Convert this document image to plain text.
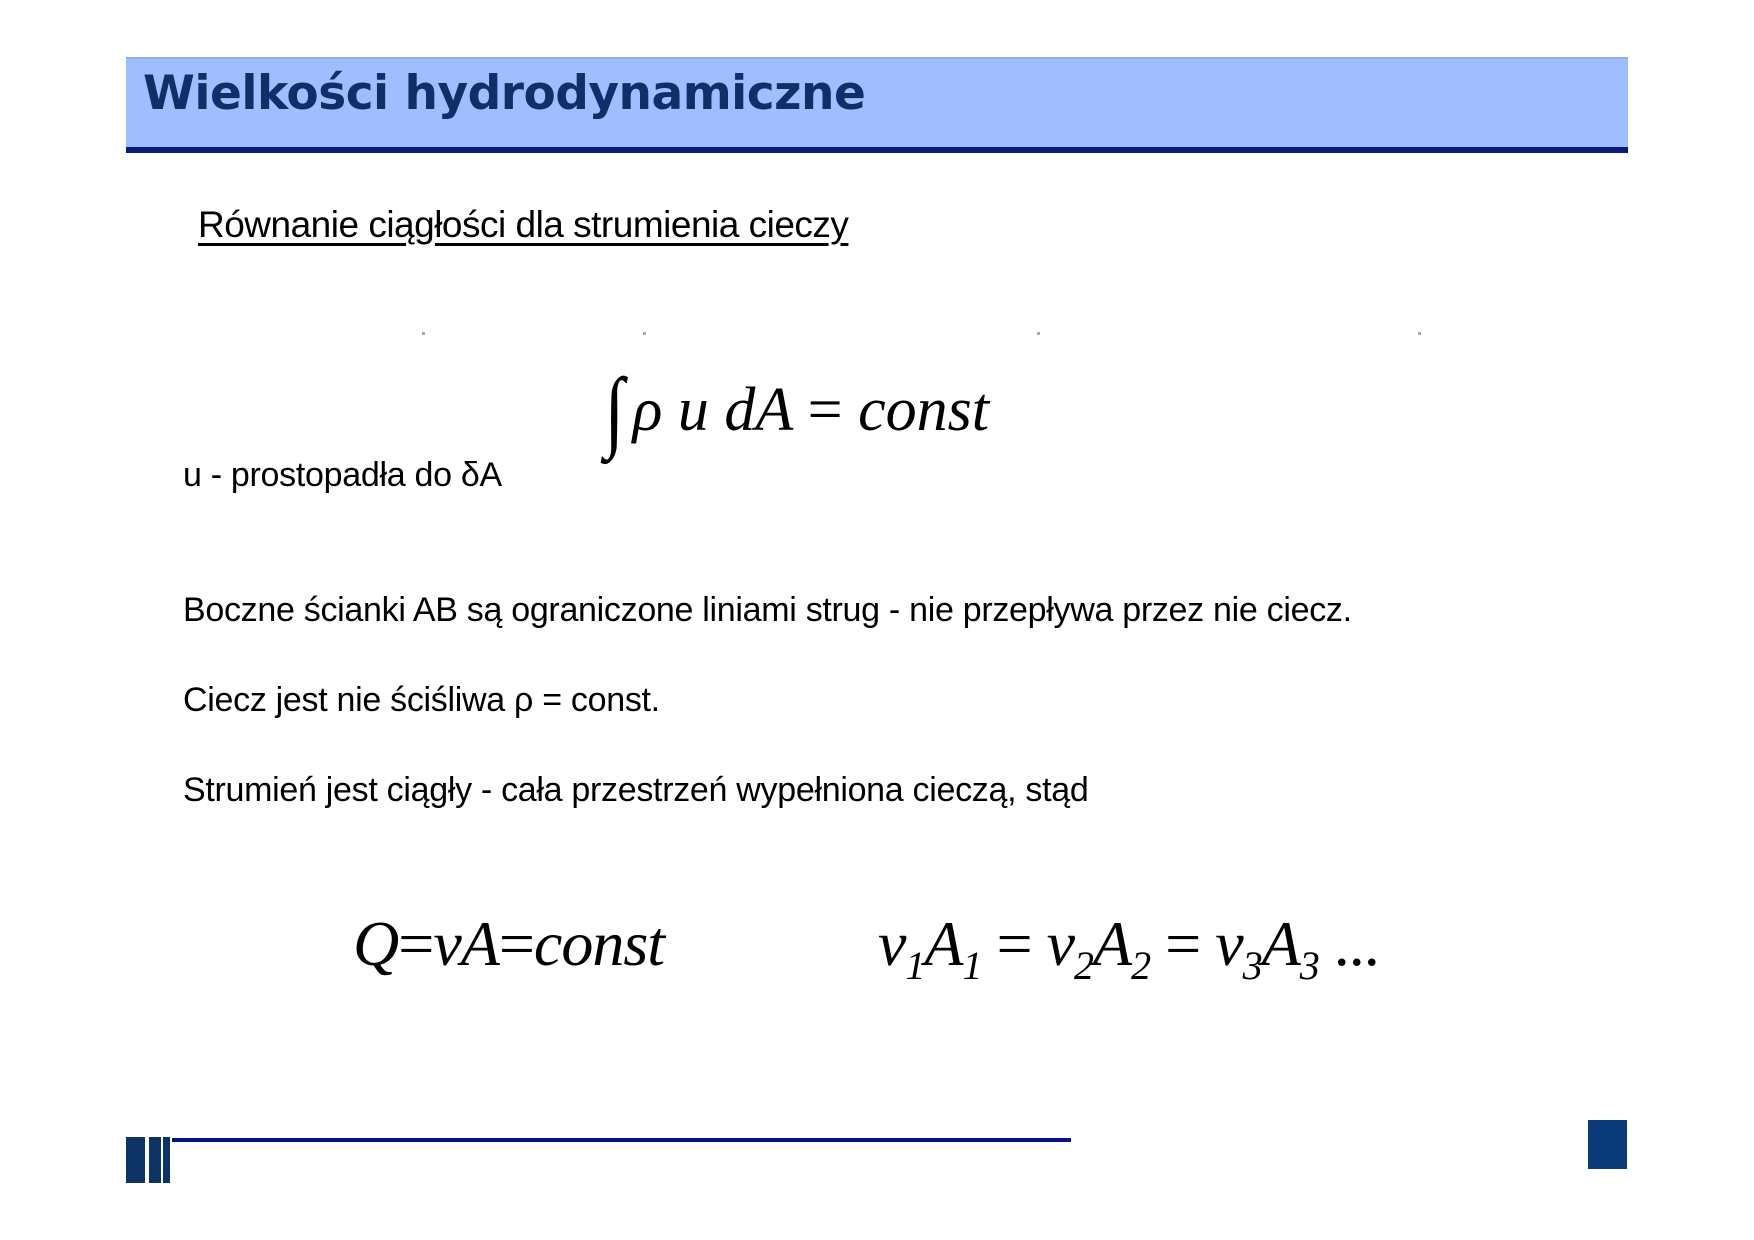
Wielkości hydrodynamiczne
Równanie ciągłości dla strumienia cieczy
∫ ρ u dA = const
u - prostopadła do δA
Boczne ścianki AB są ograniczone liniami strug - nie przepływa przez nie ciecz.
Ciecz jest nie ściśliwa ρ = const.
Strumień jest ciągły - cała przestrzeń wypełniona cieczą, stąd
Q=vA=const	$v_1A_1 = v_2A_2 = v_3A_3$ ...
